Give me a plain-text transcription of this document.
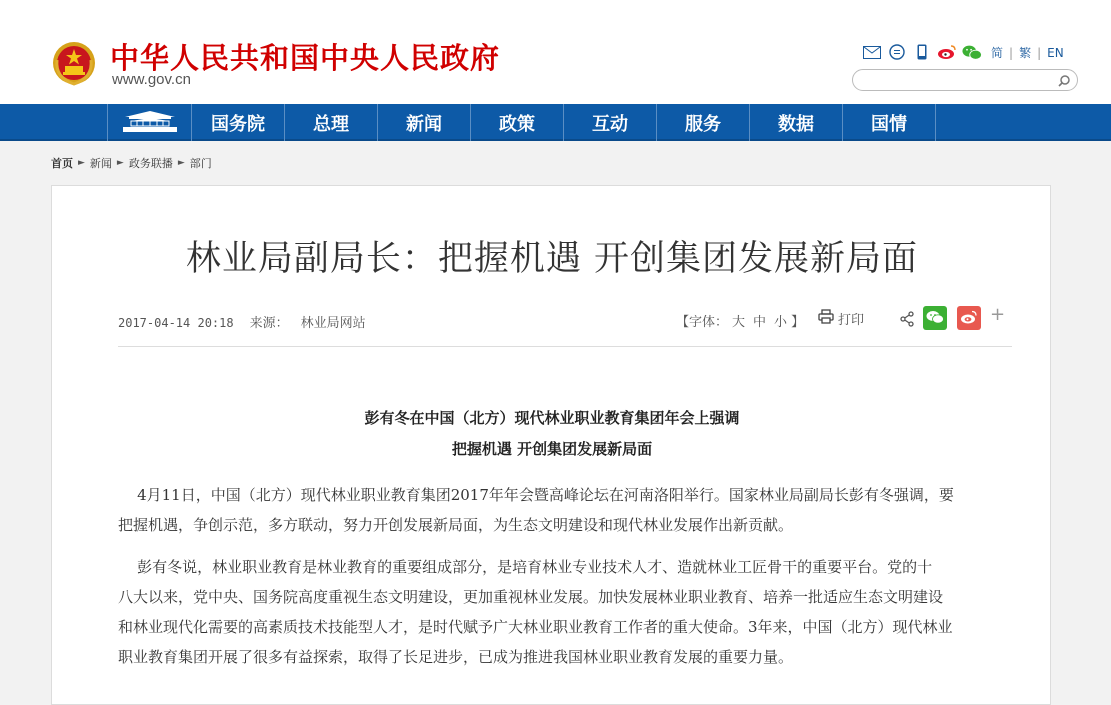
中华人民共和国中央人民政府
www.gov.cn
简 | 繁 | EN
国务院	总理	新闻	政策	互动	服务	数据	国情
首页 ► 新闻 ► 政务联播 ► 部门
林业局副局长：把握机遇 开创集团发展新局面
2017-04-14 20:18 来源： 林业局网站	【字体： 大 中 小 】	打印	+
彭有冬在中国（北方）现代林业职业教育集团年会上强调
把握机遇 开创集团发展新局面
4月11日，中国（北方）现代林业职业教育集团2017年年会暨高峰论坛在河南洛阳举行。国家林业局副局长彭有冬强调，要
把握机遇，争创示范，多方联动，努力开创发展新局面，为生态文明建设和现代林业发展作出新贡献。
彭有冬说，林业职业教育是林业教育的重要组成部分，是培育林业专业技术人才、造就林业工匠骨干的重要平台。党的十
八大以来，党中央、国务院高度重视生态文明建设，更加重视林业发展。加快发展林业职业教育、培养一批适应生态文明建设
和林业现代化需要的高素质技术技能型人才，是时代赋予广大林业职业教育工作者的重大使命。3年来，中国（北方）现代林业
职业教育集团开展了很多有益探索，取得了长足进步，已成为推进我国林业职业教育发展的重要力量。
